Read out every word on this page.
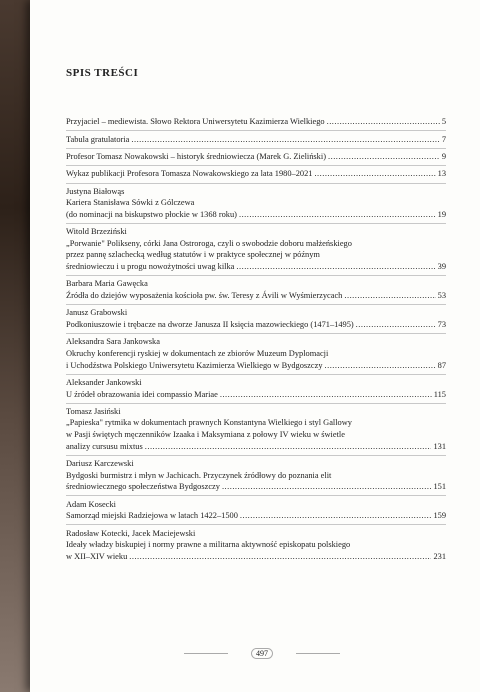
SPIS TREŚCI
Przyjaciel – mediewista. Słowo Rektora Uniwersytetu Kazimierza Wielkiego .....	5
Tabula gratulatoria .....	7
Profesor Tomasz Nowakowski – historyk średniowiecza (Marek G. Zieliński) .....	9
Wykaz publikacji Profesora Tomasza Nowakowskiego za lata 1980–2021 .....	13
Justyna Białowąs
Kariera Stanisława Sówki z Gólczewa
(do nominacji na biskupstwo płockie w 1368 roku) .....	19
Witold Brzeziński
„Porwanie" Polikseny, córki Jana Ostroroga, czyli o swobodzie doboru małżeńskiego
przez pannę szlachecką według statutów i w praktyce społecznej w późnym
średniowieczu i u progu nowożytności uwag kilka .....	39
Barbara Maria Gawęcka
Źródła do dziejów wyposażenia kościoła pw. św. Teresy z Ávili w Wyśmierzycach .....	53
Janusz Grabowski
Podkoniuszowie i trębacze na dworze Janusza II księcia mazowieckiego (1471–1495) .....	73
Aleksandra Sara Jankowska
Okruchy konferencji ryskiej w dokumentach ze zbiorów Muzeum Dyplomacji
i Uchodźstwa Polskiego Uniwersytetu Kazimierza Wielkiego w Bydgoszczy .....	87
Aleksander Jankowski
U źródeł obrazowania idei compassio Mariae .....	115
Tomasz Jasiński
„Papieska" rytmika w dokumentach prawnych Konstantyna Wielkiego i styl Gallowy
w Pasji świętych męczenników Izaaka i Maksymiana z połowy IV wieku w świetle
analizy cursusu mixtus .....	131
Dariusz Karczewski
Bydgoski burmistrz i młyn w Jachicach. Przyczynek źródłowy do poznania elit
średniowiecznego społeczeństwa Bydgoszczy .....	151
Adam Kosecki
Samorząd miejski Radziejowa w latach 1422–1500 .....	159
Radosław Kotecki, Jacek Maciejewski
Ideały władzy biskupiej i normy prawne a militarna aktywność episkopatu polskiego
w XII–XIV wieku .....	231
497
